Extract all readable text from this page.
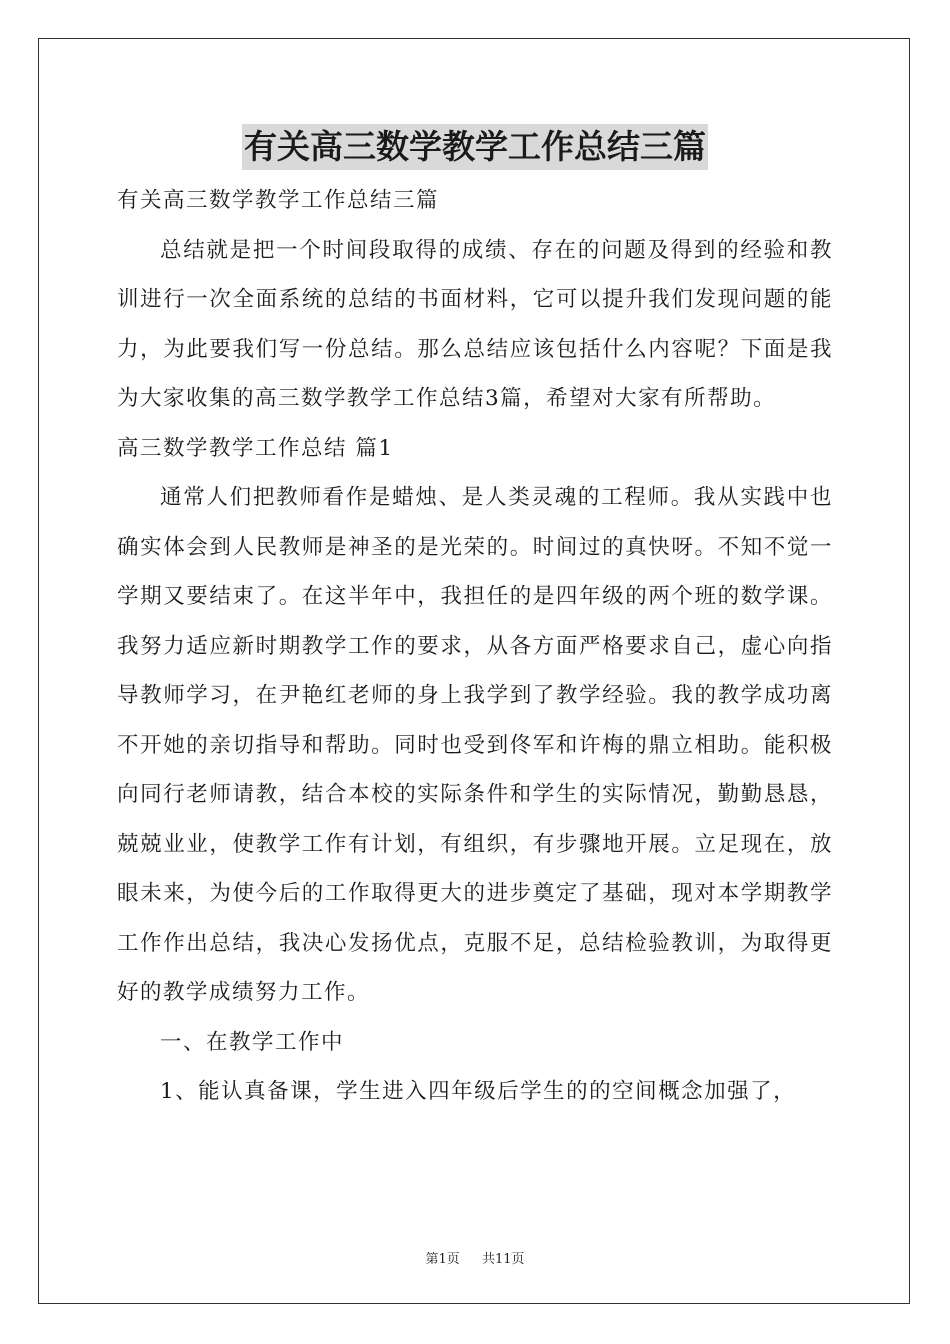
有关高三数学教学工作总结三篇

有关高三数学教学工作总结三篇

总结就是把一个时间段取得的成绩、存在的问题及得到的经验和教训进行一次全面系统的总结的书面材料，它可以提升我们发现问题的能力，为此要我们写一份总结。那么总结应该包括什么内容呢？下面是我为大家收集的高三数学教学工作总结3篇，希望对大家有所帮助。

高三数学教学工作总结 篇1

通常人们把教师看作是蜡烛、是人类灵魂的工程师。我从实践中也确实体会到人民教师是神圣的是光荣的。时间过的真快呀。不知不觉一学期又要结束了。在这半年中，我担任的是四年级的两个班的数学课。我努力适应新时期教学工作的要求，从各方面严格要求自己，虚心向指导教师学习，在尹艳红老师的身上我学到了教学经验。我的教学成功离不开她的亲切指导和帮助。同时也受到佟军和许梅的鼎立相助。能积极向同行老师请教，结合本校的实际条件和学生的实际情况，勤勤恳恳，兢兢业业，使教学工作有计划，有组织，有步骤地开展。立足现在，放眼未来，为使今后的工作取得更大的进步奠定了基础，现对本学期教学工作作出总结，我决心发扬优点，克服不足，总结检验教训，为取得更好的教学成绩努力工作。

一、在教学工作中

1、能认真备课，学生进入四年级后学生的的空间概念加强了，

第1页 共11页
